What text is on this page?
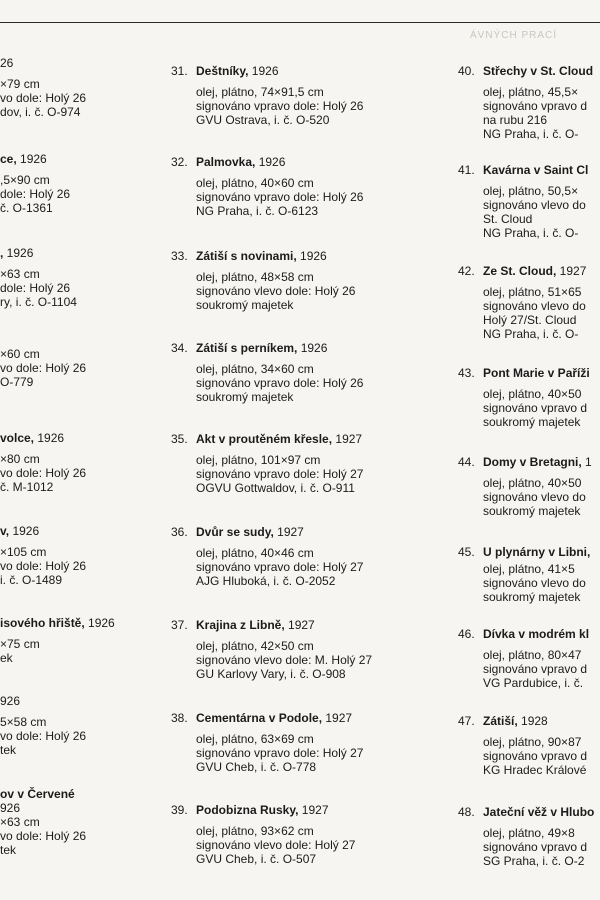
ÁVNÝCH PRACÍ
26
×79 cm
vo dole: Holý 26
dov, i. č. O-974
ce, 1926
,5×90 cm
dole: Holý 26
č. O-1361
, 1926
×63 cm
dole: Holý 26
ry, i. č. O-1104
×60 cm
vo dole: Holý 26
O-779
volce, 1926
×80 cm
vo dole: Holý 26
č. M-1012
v, 1926
×105 cm
vo dole: Holý 26
i. č. O-1489
isového hřiště, 1926
×75 cm
ek
926
5×58 cm
vo dole: Holý 26
tek
ov v Červené
926
×63 cm
vo dole: Holý 26
tek
31. Deštníky, 1926
olej, plátno, 74×91,5 cm
signováno vpravo dole: Holý 26
GVU Ostrava, i. č. O-520
32. Palmovka, 1926
olej, plátno, 40×60 cm
signováno vpravo dole: Holý 26
NG Praha, i. č. O-6123
33. Zátiší s novinami, 1926
olej, plátno, 48×58 cm
signováno vlevo dole: Holý 26
soukromý majetek
34. Zátiší s perníkem, 1926
olej, plátno, 34×60 cm
signováno vpravo dole: Holý 26
soukromý majetek
35. Akt v proutěném křesle, 1927
olej, plátno, 101×97 cm
signováno vpravo dole: Holý 27
OGVU Gottwaldov, i. č. O-911
36. Dvůr se sudy, 1927
olej, plátno, 40×46 cm
signováno vpravo dole: Holý 27
AJG Hluboká, i. č. O-2052
37. Krajina z Libně, 1927
olej, plátno, 42×50 cm
signováno vlevo dole: M. Holý 27
GU Karlovy Vary, i. č. O-908
38. Cementárna v Podole, 1927
olej, plátno, 63×69 cm
signováno vpravo dole: Holý 27
GVU Cheb, i. č. O-778
39. Podobizna Rusky, 1927
olej, plátno, 93×62 cm
signováno vlevo dole: Holý 27
GVU Cheb, i. č. O-507
40. Střechy v St. Cloud
olej, plátno, 45,5×
signováno vpravo d
na rubu 216
NG Praha, i. č. O-
41. Kavárna v Saint Cl
olej, plátno, 50,5×
signováno vlevo do
St. Cloud
NG Praha, i. č. O-
42. Ze St. Cloud, 1927
olej, plátno, 51×65
signováno vlevo do
Holý 27/St. Cloud
NG Praha, i. č. O-
43. Pont Marie v Paříži
olej, plátno, 40×50
signováno vpravo d
soukromý majetek
44. Domy v Bretagni, 1
olej, plátno, 40×50
signováno vlevo do
soukromý majetek
45. U plynárny v Libni,
olej, plátno, 41×5
signováno vlevo do
soukromý majetek
46. Dívka v modrém kl
olej, plátno, 80×47
signováno vpravo d
VG Pardubice, i. č.
47. Zátiší, 1928
olej, plátno, 90×87
signováno vpravo d
KG Hradec Králové
48. Jateční věž v Hlubo
olej, plátno, 49×8
signováno vpravo d
SG Praha, i. č. O-2
